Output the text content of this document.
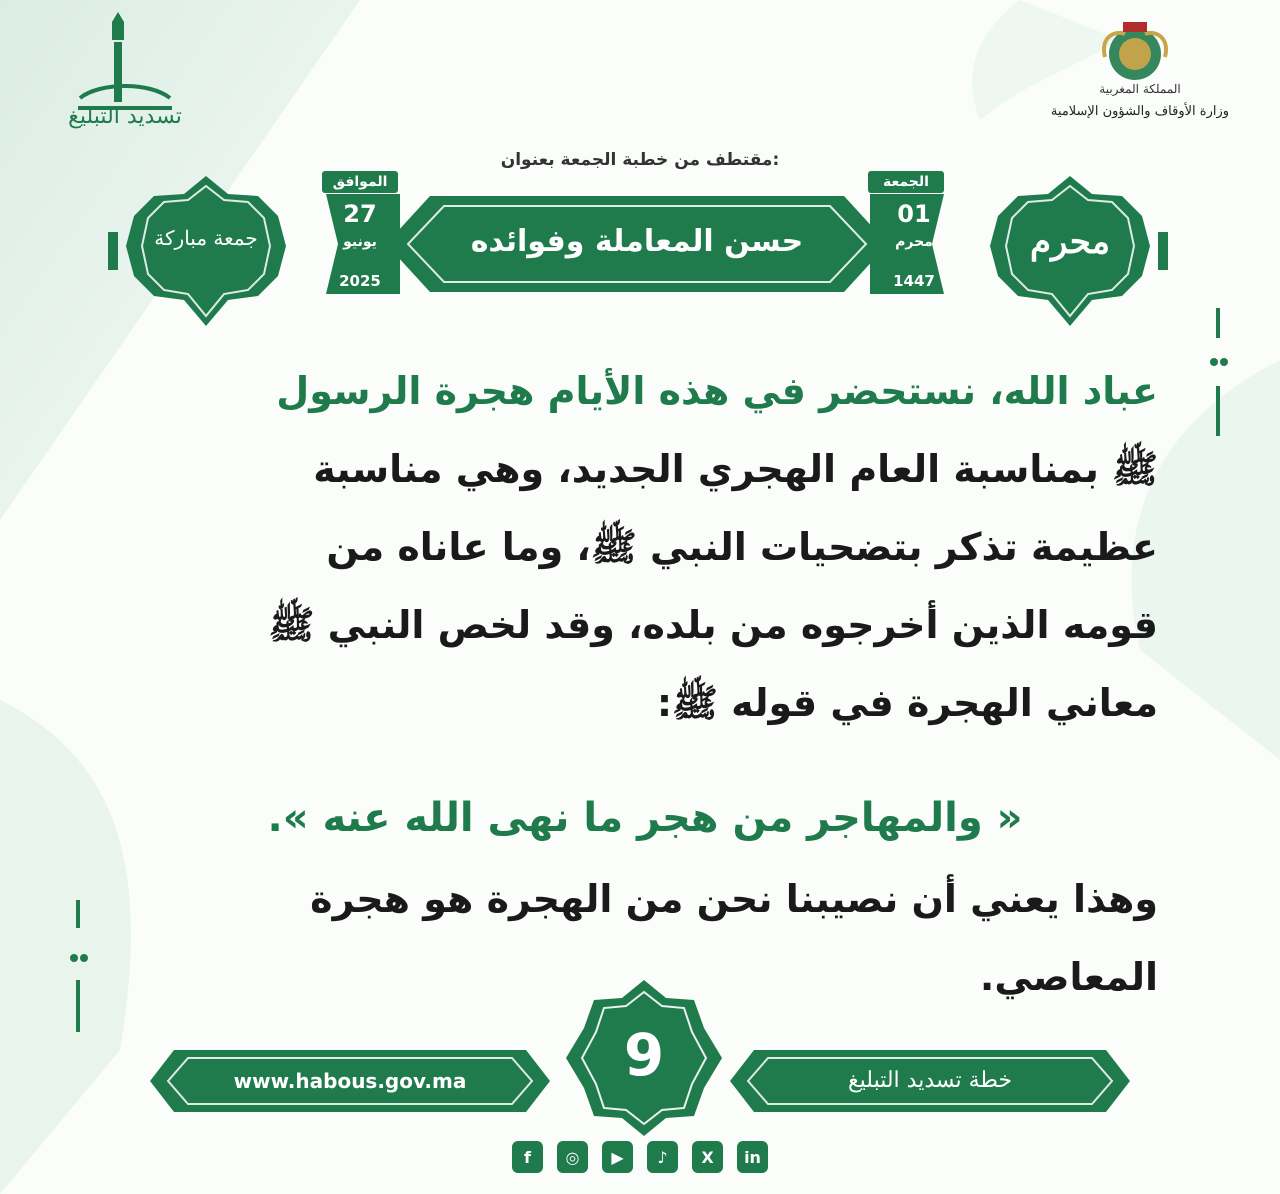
تسديد التبليغ
المملكة المغربية
وزارة الأوقاف والشؤون الإسلامية
مقتطف من خطبة الجمعة بعنوان:
جمعة مباركة	محرم
حسن المعاملة وفوائده
الموافق
27
يونيو
2025
الجمعة
01
محرم
1447
عباد الله، نستحضر في هذه الأيام هجرة الرسول
ﷺ بمناسبة العام الهجري الجديد، وهي مناسبة
عظيمة تذكر بتضحيات النبي ﷺ، وما عاناه من
قومه الذين أخرجوه من بلده، وقد لخص النبي ﷺ
معاني الهجرة في قوله ﷺ:
« والمهاجر من هجر ما نهى الله عنه ».
وهذا يعني أن نصيبنا نحن من الهجرة هو هجرة
المعاصي.
www.habous.gov.ma	خطة تسديد التبليغ
9
f ◎ ▶ ♪ X in
